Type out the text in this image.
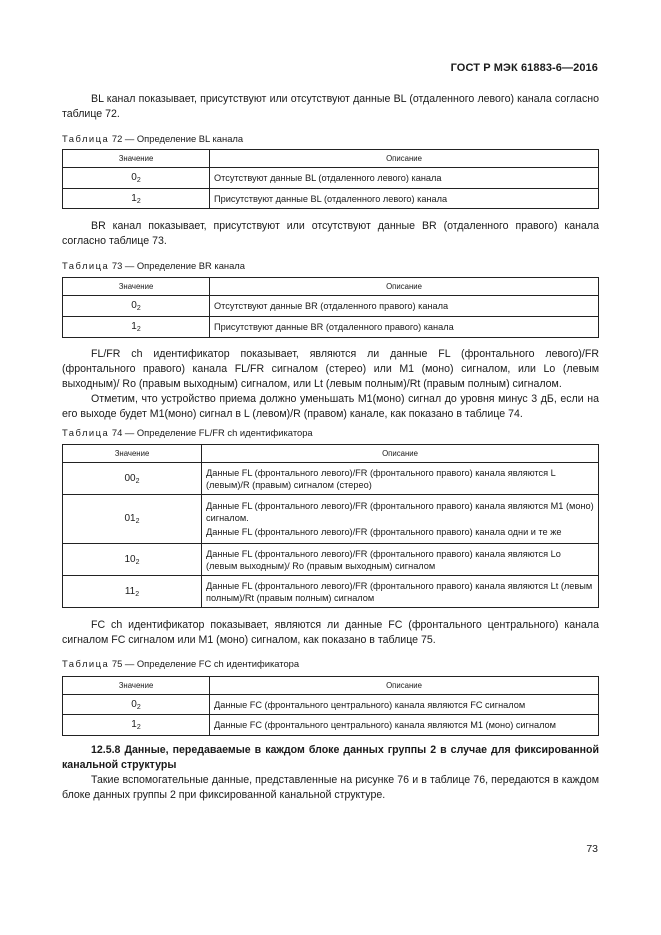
ГОСТ Р МЭК 61883-6—2016

BL канал показывает, присутствуют или отсутствуют данные BL (отдаленного левого) канала согласно таблице 72.

Таблица 72 — Определение BL канала
Значение	Описание
$0_2$	Отсутствуют данные BL (отдаленного левого) канала
$1_2$	Присутствуют данные BL (отдаленного левого) канала

BR канал показывает, присутствуют или отсутствуют данные BR (отдаленного правого) канала согласно таблице 73.

Таблица 73 — Определение BR канала
Значение	Описание
$0_2$	Отсутствуют данные BR (отдаленного правого) канала
$1_2$	Присутствуют данные BR (отдаленного правого) канала

FL/FR ch идентификатор показывает, являются ли данные FL (фронтального левого)/FR (фронтального правого) канала FL/FR сигналом (стерео) или M1 (моно) сигналом, или Lo (левым выходным)/ Ro (правым выходным) сигналом, или Lt (левым полным)/Rt (правым полным) сигналом.

Отметим, что устройство приема должно уменьшать M1(моно) сигнал до уровня минус 3 дБ, если на его выходе будет M1(моно) сигнал в L (левом)/R (правом) канале, как показано в таблице 74.

Таблица 74 — Определение FL/FR ch идентификатора
Значение	Описание
$00_2$	Данные FL (фронтального левого)/FR (фронтального правого) канала являются L (левым)/R (правым) сигналом (стерео)

$01_2$	Данные FL (фронтального левого)/FR (фронтального правого) канала являются M1 (моно) сигналом.
Данные FL (фронтального левого)/FR (фронтального правого) канала одни и те же

$10_2$	Данные FL (фронтального левого)/FR (фронтального правого) канала являются Lo (левым выходным)/ Ro (правым выходным) сигналом

$11_2$	Данные FL (фронтального левого)/FR (фронтального правого) канала являются Lt (левым полным)/Rt (правым полным) сигналом

FC ch идентификатор показывает, являются ли данные FC (фронтального центрального) канала сигналом FC сигналом или M1 (моно) сигналом, как показано в таблице 75.

Таблица 75 — Определение FC ch идентификатора
Значение	Описание
$0_2$	Данные FC (фронтального центрального) канала являются FC сигналом
$1_2$	Данные FC (фронтального центрального) канала являются M1 (моно) сигналом

12.5.8 Данные, передаваемые в каждом блоке данных группы 2 в случае для фиксированной канальной структуры

Такие вспомогательные данные, представленные на рисунке 76 и в таблице 76, передаются в каждом блоке данных группы 2 при фиксированной канальной структуре.

73
